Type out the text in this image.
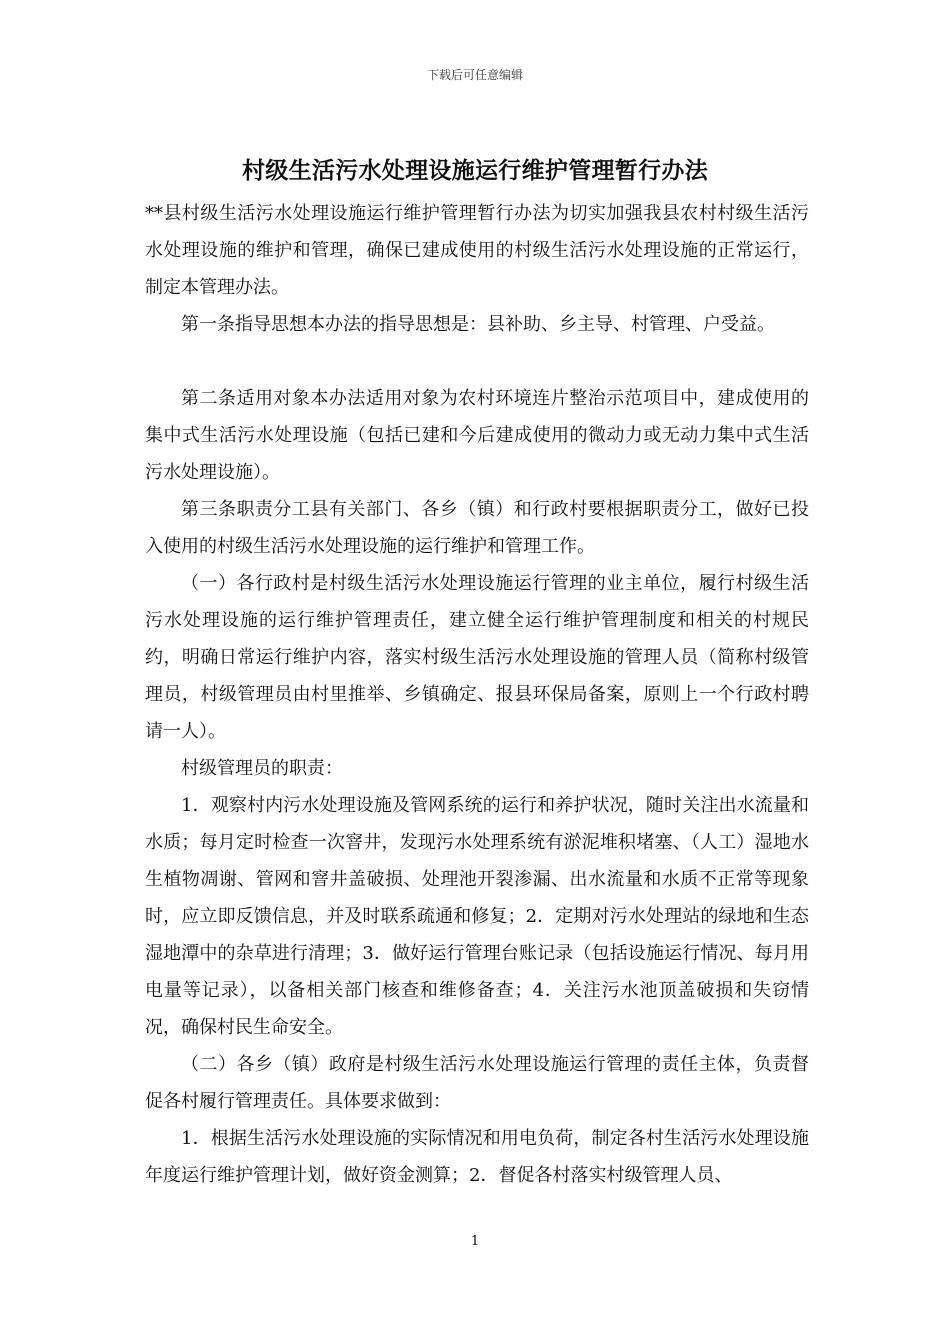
下载后可任意编辑
村级生活污水处理设施运行维护管理暂行办法

**县村级生活污水处理设施运行维护管理暂行办法为切实加强我县农村村级生活污水处理设施的维护和管理，确保已建成使用的村级生活污水处理设施的正常运行，制定本管理办法。

第一条指导思想本办法的指导思想是：县补助、乡主导、村管理、户受益。

第二条适用对象本办法适用对象为农村环境连片整治示范项目中，建成使用的集中式生活污水处理设施（包括已建和今后建成使用的微动力或无动力集中式生活污水处理设施）。

第三条职责分工县有关部门、各乡（镇）和行政村要根据职责分工，做好已投入使用的村级生活污水处理设施的运行维护和管理工作。

（一）各行政村是村级生活污水处理设施运行管理的业主单位，履行村级生活污水处理设施的运行维护管理责任，建立健全运行维护管理制度和相关的村规民约，明确日常运行维护内容，落实村级生活污水处理设施的管理人员（简称村级管理员，村级管理员由村里推举、乡镇确定、报县环保局备案，原则上一个行政村聘请一人）。

村级管理员的职责：

1．观察村内污水处理设施及管网系统的运行和养护状况，随时关注出水流量和水质；每月定时检查一次窨井，发现污水处理系统有淤泥堆积堵塞、（人工）湿地水生植物凋谢、管网和窨井盖破损、处理池开裂渗漏、出水流量和水质不正常等现象时，应立即反馈信息，并及时联系疏通和修复；2．定期对污水处理站的绿地和生态湿地潭中的杂草进行清理；3．做好运行管理台账记录（包括设施运行情况、每月用电量等记录），以备相关部门核查和维修备查；4．关注污水池顶盖破损和失窃情况，确保村民生命安全。

（二）各乡（镇）政府是村级生活污水处理设施运行管理的责任主体，负责督促各村履行管理责任。具体要求做到：

1．根据生活污水处理设施的实际情况和用电负荷，制定各村生活污水处理设施年度运行维护管理计划，做好资金测算；2．督促各村落实村级管理人员、

1
